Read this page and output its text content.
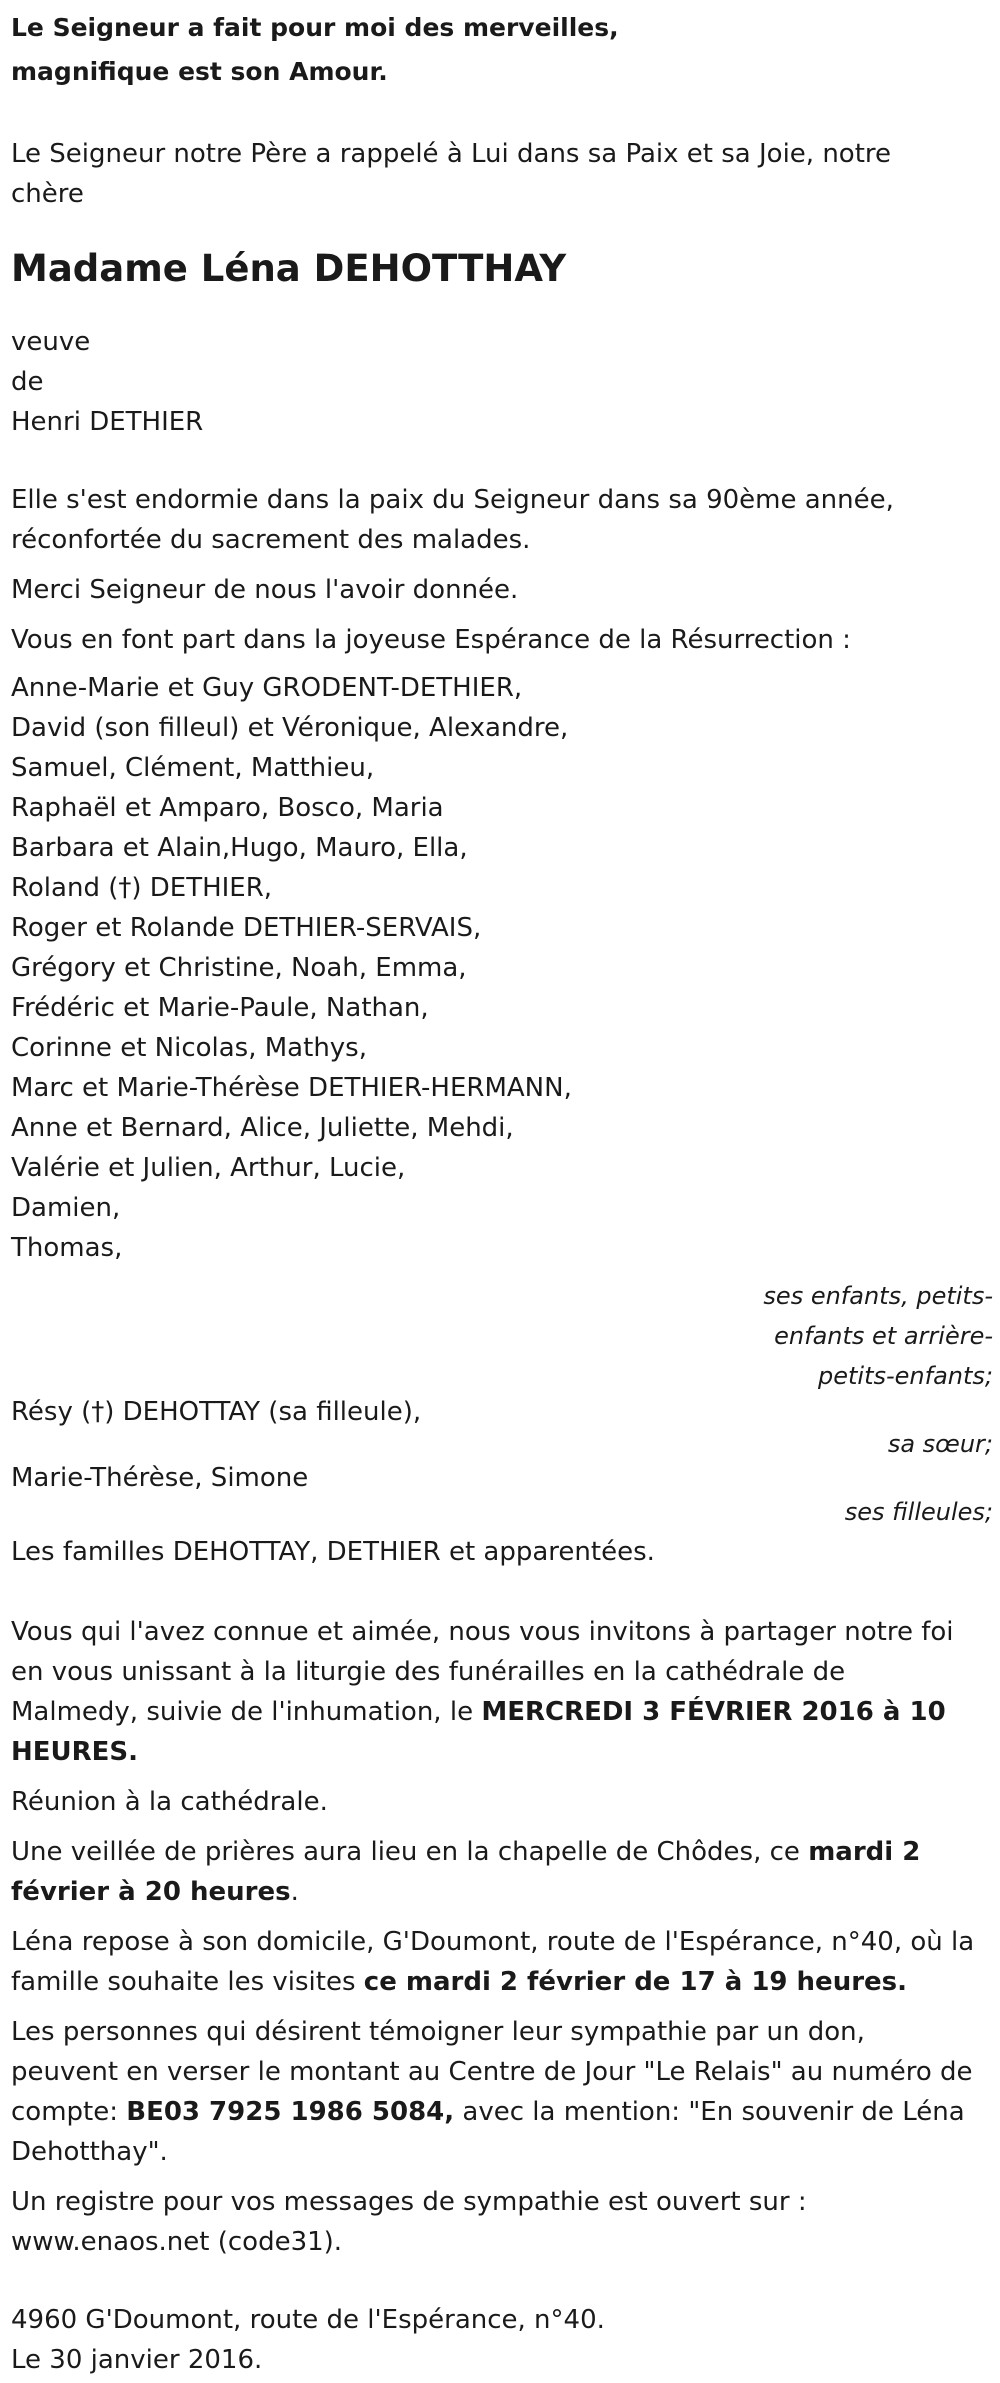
Le Seigneur a fait pour moi des merveilles,
magnifique est son Amour.
Le Seigneur notre Père a rappelé à Lui dans sa Paix et sa Joie, notre
chère
Madame Léna DEHOTTHAY
veuve
de
Henri DETHIER
Elle s'est endormie dans la paix du Seigneur dans sa 90ème année,
réconfortée du sacrement des malades.
Merci Seigneur de nous l'avoir donnée.
Vous en font part dans la joyeuse Espérance de la Résurrection :
Anne-Marie et Guy GRODENT-DETHIER,
David (son filleul) et Véronique, Alexandre,
Samuel, Clément, Matthieu,
Raphaël et Amparo, Bosco, Maria
Barbara et Alain,Hugo, Mauro, Ella,
Roland (†) DETHIER,
Roger et Rolande DETHIER-SERVAIS,
Grégory et Christine, Noah, Emma,
Frédéric et Marie-Paule, Nathan,
Corinne et Nicolas, Mathys,
Marc et Marie-Thérèse DETHIER-HERMANN,
Anne et Bernard, Alice, Juliette, Mehdi,
Valérie et Julien, Arthur, Lucie,
Damien,
Thomas,
ses enfants, petits-
enfants et arrière-
petits-enfants;
Résy (†) DEHOTTAY (sa filleule),
sa sœur;
Marie-Thérèse, Simone
ses filleules;
Les familles DEHOTTAY, DETHIER et apparentées.
Vous qui l'avez connue et aimée, nous vous invitons à partager notre foi
en vous unissant à la liturgie des funérailles en la cathédrale de
Malmedy, suivie de l'inhumation, le MERCREDI 3 FÉVRIER 2016 à 10
HEURES.
Réunion à la cathédrale.
Une veillée de prières aura lieu en la chapelle de Chôdes, ce mardi 2
février à 20 heures.
Léna repose à son domicile, G'Doumont, route de l'Espérance, n°40, où la
famille souhaite les visites ce mardi 2 février de 17 à 19 heures.
Les personnes qui désirent témoigner leur sympathie par un don,
peuvent en verser le montant au Centre de Jour "Le Relais" au numéro de
compte: BE03 7925 1986 5084, avec la mention: "En souvenir de Léna
Dehotthay".
Un registre pour vos messages de sympathie est ouvert sur :
www.enaos.net (code31).
4960 G'Doumont, route de l'Espérance, n°40.
Le 30 janvier 2016.
